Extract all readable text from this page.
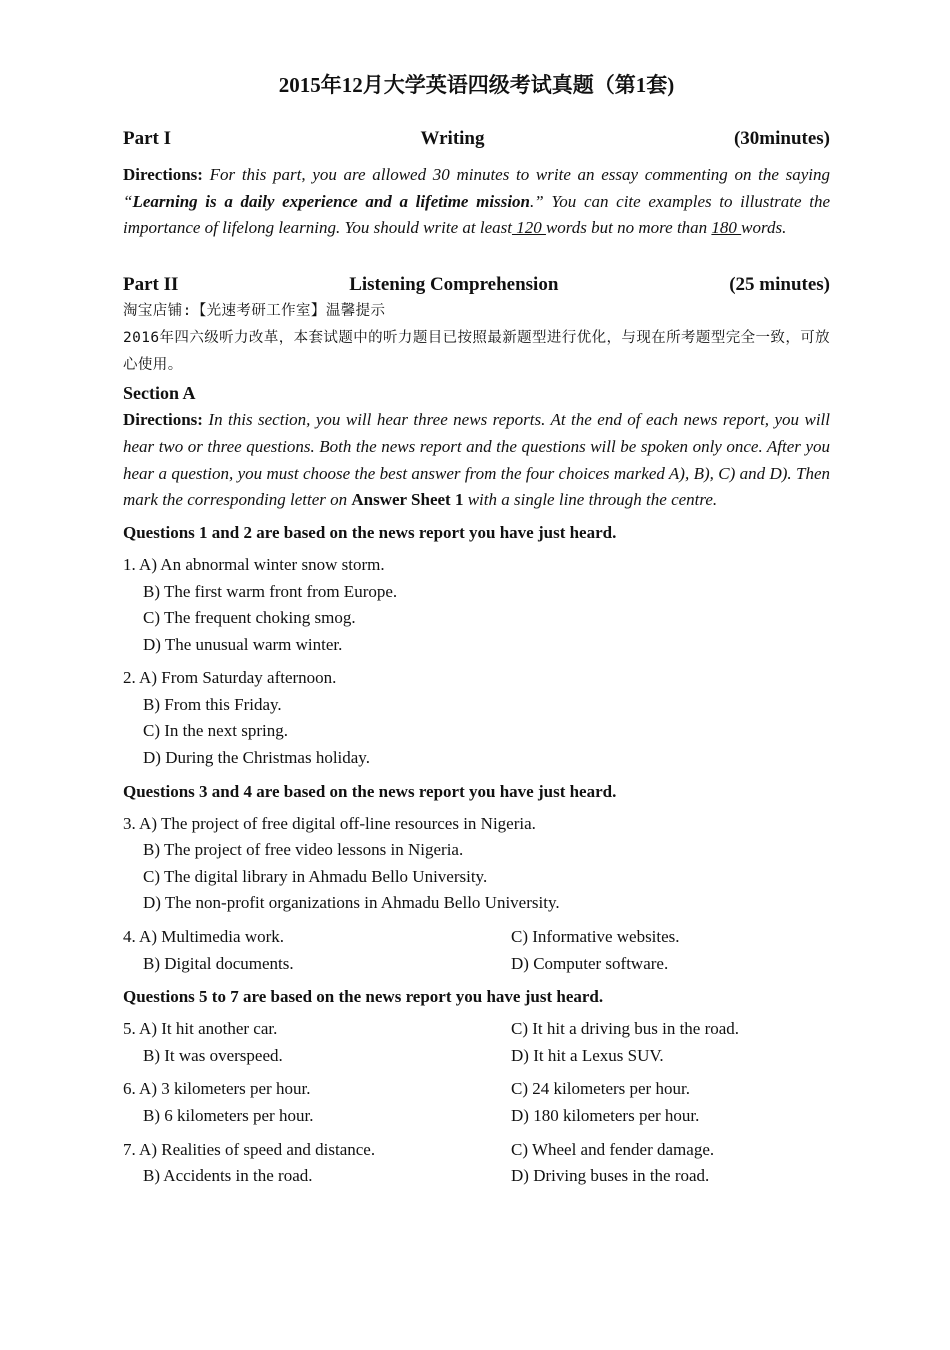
2015年12月大学英语四级考试真题（第1套)
Part I	Writing	(30minutes)

Directions: For this part, you are allowed 30 minutes to write an essay commenting on the saying “Learning is a daily experience and a lifetime mission.” You can cite examples to illustrate the importance of lifelong learning. You should write at least 120 words but no more than 180 words.

Part II	Listening Comprehension	(25 minutes)

淘宝店铺:【光速考研工作室】温馨提示

2016年四六级听力改革，本套试题中的听力题目已按照最新题型进行优化，与现在所考题型完全一致，可放心使用。

Section A

Directions: In this section, you will hear three news reports. At the end of each news report, you will hear two or three questions. Both the news report and the questions will be spoken only once. After you hear a question, you must choose the best answer from the four choices marked A), B), C) and D). Then mark the corresponding letter on Answer Sheet 1 with a single line through the centre.

Questions 1 and 2 are based on the news report you have just heard.
1. A) An abnormal winter snow storm.
B) The first warm front from Europe.
C) The frequent choking smog.
D) The unusual warm winter.
2. A) From Saturday afternoon.
B) From this Friday.
C) In the next spring.
D) During the Christmas holiday.
Questions 3 and 4 are based on the news report you have just heard.
3. A) The project of free digital off-line resources in Nigeria.
B) The project of free video lessons in Nigeria.
C) The digital library in Ahmadu Bello University.
D) The non-profit organizations in Ahmadu Bello University.
4. A) Multimedia work.	C) Informative websites.
B) Digital documents.	D) Computer software.
Questions 5 to 7 are based on the news report you have just heard.
5. A) It hit another car.	C) It hit a driving bus in the road.
B) It was overspeed.	D) It hit a Lexus SUV.
6. A) 3 kilometers per hour.	C) 24 kilometers per hour.
B) 6 kilometers per hour.	D) 180 kilometers per hour.
7. A) Realities of speed and distance.	C) Wheel and fender damage.
B) Accidents in the road.	D) Driving buses in the road.
